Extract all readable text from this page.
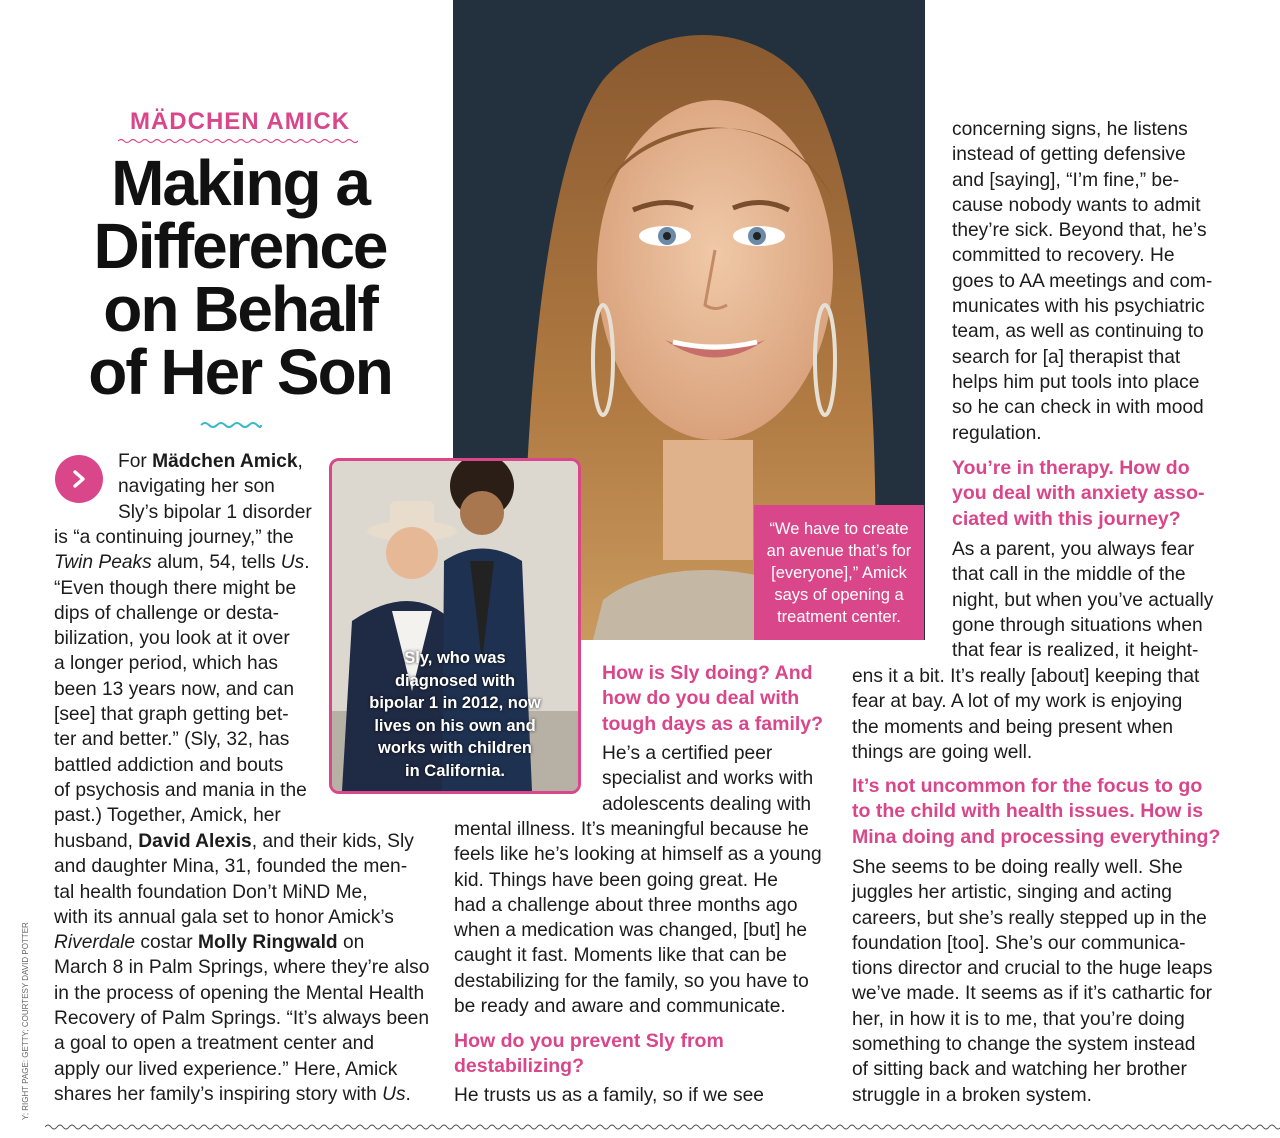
MÄDCHEN AMICK

Making a
Difference
on Behalf
of Her Son
For Mädchen Amick,
navigating her son
Sly’s bipolar 1 disorder
is “a continuing journey,” the
Twin Peaks alum, 54, tells Us.
“Even though there might be
dips of challenge or desta-
bilization, you look at it over
a longer period, which has
been 13 years now, and can
[see] that graph getting bet-
ter and better.” (Sly, 32, has
battled addiction and bouts
of psychosis and mania in the
past.) Together, Amick, her
husband, David Alexis, and their kids, Sly
and daughter Mina, 31, founded the men-
tal health foundation Don’t MiND Me,
with its annual gala set to honor Amick’s
Riverdale costar Molly Ringwald on
March 8 in Palm Springs, where they’re also
in the process of opening the Mental Health
Recovery of Palm Springs. “It’s always been
a goal to open a treatment center and
apply our lived experience.” Here, Amick
shares her family’s inspiring story with Us.
Sly, who was
diagnosed with
bipolar 1 in 2012, now
lives on his own and
works with children
in California.
“We have to create
an avenue that’s for
[everyone],” Amick
says of opening a
treatment center.
How is Sly doing? And
how do you deal with
tough days as a family?
He’s a certified peer
specialist and works with
adolescents dealing with
mental illness. It’s meaningful because he
feels like he’s looking at himself as a young
kid. Things have been going great. He
had a challenge about three months ago
when a medication was changed, [but] he
caught it fast. Moments like that can be
destabilizing for the family, so you have to
be ready and aware and communicate.
How do you prevent Sly from
destabilizing?
He trusts us as a family, so if we see
concerning signs, he listens
instead of getting defensive
and [saying], “I’m fine,” be-
cause nobody wants to admit
they’re sick. Beyond that, he’s
committed to recovery. He
goes to AA meetings and com-
municates with his psychiatric
team, as well as continuing to
search for [a] therapist that
helps him put tools into place
so he can check in with mood
regulation.
You’re in therapy. How do
you deal with anxiety asso-
ciated with this journey?
As a parent, you always fear
that call in the middle of the
night, but when you’ve actually
gone through situations when
that fear is realized, it height-
ens it a bit. It’s really [about] keeping that
fear at bay. A lot of my work is enjoying
the moments and being present when
things are going well.
It’s not uncommon for the focus to go
to the child with health issues. How is
Mina doing and processing everything?
She seems to be doing really well. She
juggles her artistic, singing and acting
careers, but she’s really stepped up in the
foundation [too]. She’s our communica-
tions director and crucial to the huge leaps
we’ve made. It seems as if it’s cathartic for
her, in how it is to me, that you’re doing
something to change the system instead
of sitting back and watching her brother
struggle in a broken system.
Y; RIGHT PAGE: GETTY; COURTESY DAVID POTTER
